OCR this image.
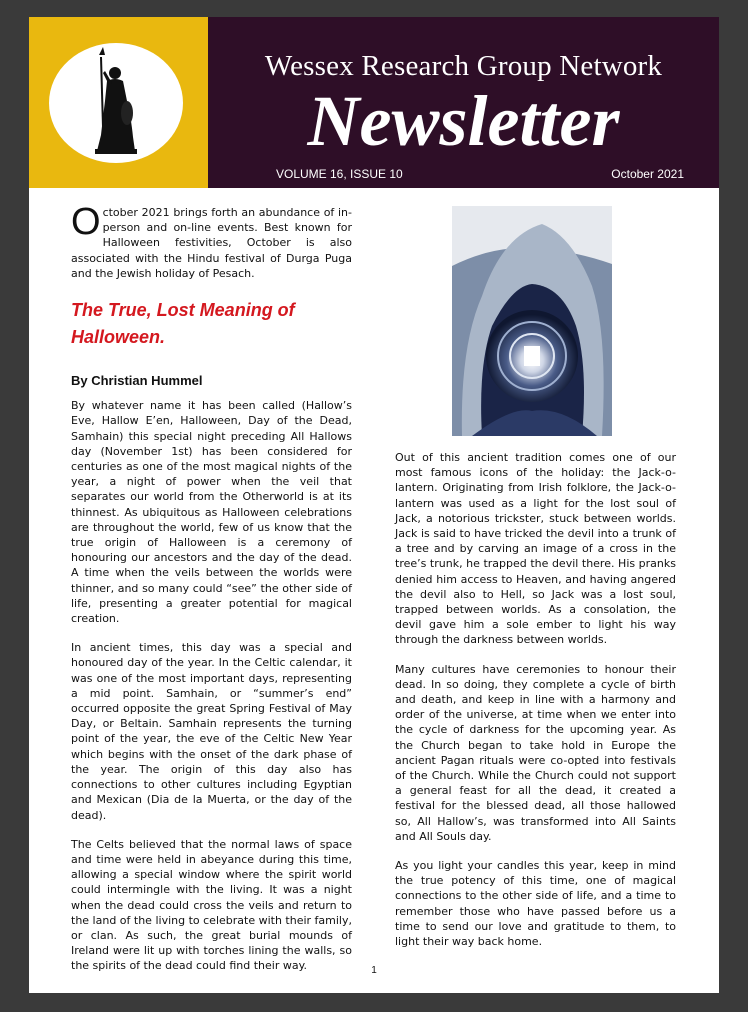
Wessex Research Group Network
Newsletter
VOLUME 16, ISSUE 10	October 2021

October 2021 brings forth an abundance of in-person and on-line events. Best known for Halloween festivities, October is also associated with the Hindu festival of Durga Puga and the Jewish holiday of Pesach.

The True, Lost Meaning of Halloween.
By Christian Hummel

By whatever name it has been called (Hallow’s Eve, Hallow E’en, Halloween, Day of the Dead, Samhain) this special night preceding All Hallows day (November 1st) has been considered for centuries as one of the most magical nights of the year, a night of power when the veil that separates our world from the Otherworld is at its thinnest. As ubiquitous as Halloween celebrations are throughout the world, few of us know that the true origin of Halloween is a ceremony of honouring our ancestors and the day of the dead. A time when the veils between the worlds were thinner, and so many could “see” the other side of life, presenting a greater potential for magical creation.

In ancient times, this day was a special and honoured day of the year. In the Celtic calendar, it was one of the most important days, representing a mid point. Samhain, or “summer’s end” occurred opposite the great Spring Festival of May Day, or Beltain. Samhain represents the turning point of the year, the eve of the Celtic New Year which begins with the onset of the dark phase of the year. The origin of this day also has connections to other cultures including Egyptian and Mexican (Dia de la Muerta, or the day of the dead).

The Celts believed that the normal laws of space and time were held in abeyance during this time, allowing a special window where the spirit world could intermingle with the living. It was a night when the dead could cross the veils and return to the land of the living to celebrate with their family, or clan. As such, the great burial mounds of Ireland were lit up with torches lining the walls, so the spirits of the dead could find their way.

Out of this ancient tradition comes one of our most famous icons of the holiday: the Jack-o-lantern. Originating from Irish folklore, the Jack-o-lantern was used as a light for the lost soul of Jack, a notorious trickster, stuck between worlds. Jack is said to have tricked the devil into a trunk of a tree and by carving an image of a cross in the tree’s trunk, he trapped the devil there. His pranks denied him access to Heaven, and having angered the devil also to Hell, so Jack was a lost soul, trapped between worlds. As a consolation, the devil gave him a sole ember to light his way through the darkness between worlds.

Many cultures have ceremonies to honour their dead. In so doing, they complete a cycle of birth and death, and keep in line with a harmony and order of the universe, at time when we enter into the cycle of darkness for the upcoming year. As the Church began to take hold in Europe the ancient Pagan rituals were co-opted into festivals of the Church. While the Church could not support a general feast for all the dead, it created a festival for the blessed dead, all those hallowed so, All Hallow’s, was transformed into All Saints and All Souls day.

As you light your candles this year, keep in mind the true potency of this time, one of magical connections to the other side of life, and a time to remember those who have passed before us a time to send our love and gratitude to them, to light their way back home.

1
